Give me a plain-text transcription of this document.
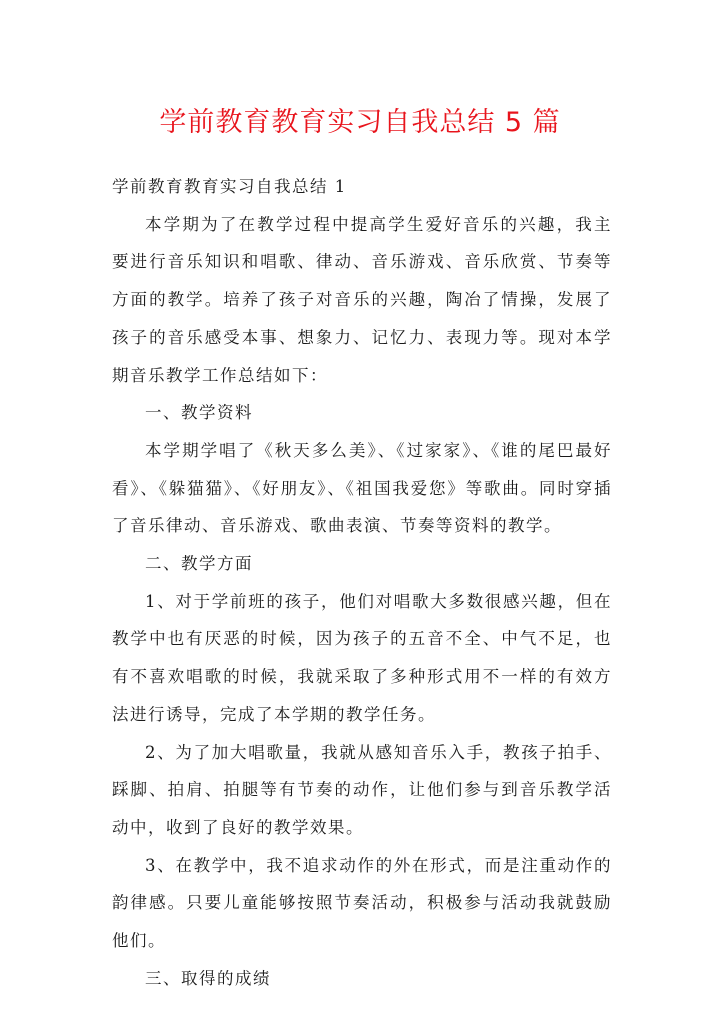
学前教育教育实习自我总结 5 篇

学前教育教育实习自我总结 1

本学期为了在教学过程中提高学生爱好音乐的兴趣，我主要进行音乐知识和唱歌、律动、音乐游戏、音乐欣赏、节奏等方面的教学。培养了孩子对音乐的兴趣，陶冶了情操，发展了孩子的音乐感受本事、想象力、记忆力、表现力等。现对本学期音乐教学工作总结如下：

一、教学资料

本学期学唱了《秋天多么美》、《过家家》、《谁的尾巴最好看》、《躲猫猫》、《好朋友》、《祖国我爱您》等歌曲。同时穿插了音乐律动、音乐游戏、歌曲表演、节奏等资料的教学。

二、教学方面

1、对于学前班的孩子，他们对唱歌大多数很感兴趣，但在教学中也有厌恶的时候，因为孩子的五音不全、中气不足，也有不喜欢唱歌的时候，我就采取了多种形式用不一样的有效方法进行诱导，完成了本学期的教学任务。

2、为了加大唱歌量，我就从感知音乐入手，教孩子拍手、踩脚、拍肩、拍腿等有节奏的动作，让他们参与到音乐教学活动中，收到了良好的教学效果。

3、在教学中，我不追求动作的外在形式，而是注重动作的韵律感。只要儿童能够按照节奏活动，积极参与活动我就鼓励他们。

三、取得的成绩
